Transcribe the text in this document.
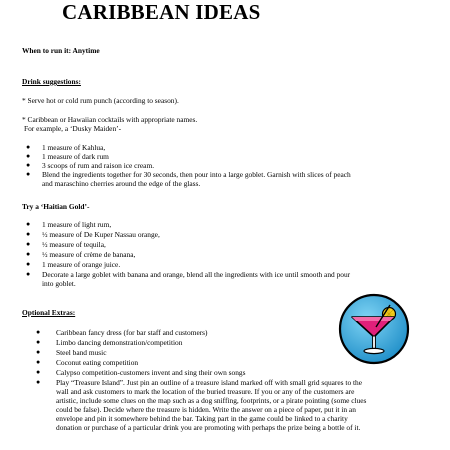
CARIBBEAN IDEAS
When to run it: Anytime
Drink suggestions:
* Serve hot or cold rum punch (according to season).
* Caribbean or Hawaiian cocktails with appropriate names.
For example, a ‘Dusky Maiden’-
● 1 measure of Kahlua,
● 1 measure of dark rum
● 3 scoops of rum and raison ice cream.
● Blend the ingredients together for 30 seconds, then pour into a large goblet. Garnish with slices of peach
and maraschino cherries around the edge of the glass.
Try a ‘Haitian Gold’-
● 1 measure of light rum,
● ½ measure of De Kuper Nassau orange,
● ½ measure of tequila,
● ½ measure of crème de banana,
● 1 measure of orange juice.
● Decorate a large goblet with banana and orange, blend all the ingredients with ice until smooth and pour
into goblet.
Optional Extras:
● Caribbean fancy dress (for bar staff and customers)
● Limbo dancing demonstration/competition
● Steel band music
● Coconut eating competition
● Calypso competition-customers invent and sing their own songs
● Play “Treasure Island”. Just pin an outline of a treasure island marked off with small grid squares to the
wall and ask customers to mark the location of the buried treasure. If you or any of the customers are
artistic, include some clues on the map such as a dog sniffing, footprints, or a pirate pointing (some clues
could be false). Decide where the treasure is hidden. Write the answer on a piece of paper, put it in an
envelope and pin it somewhere behind the bar. Taking part in the game could be linked to a charity
donation or purchase of a particular drink you are promoting with perhaps the prize being a bottle of it.
